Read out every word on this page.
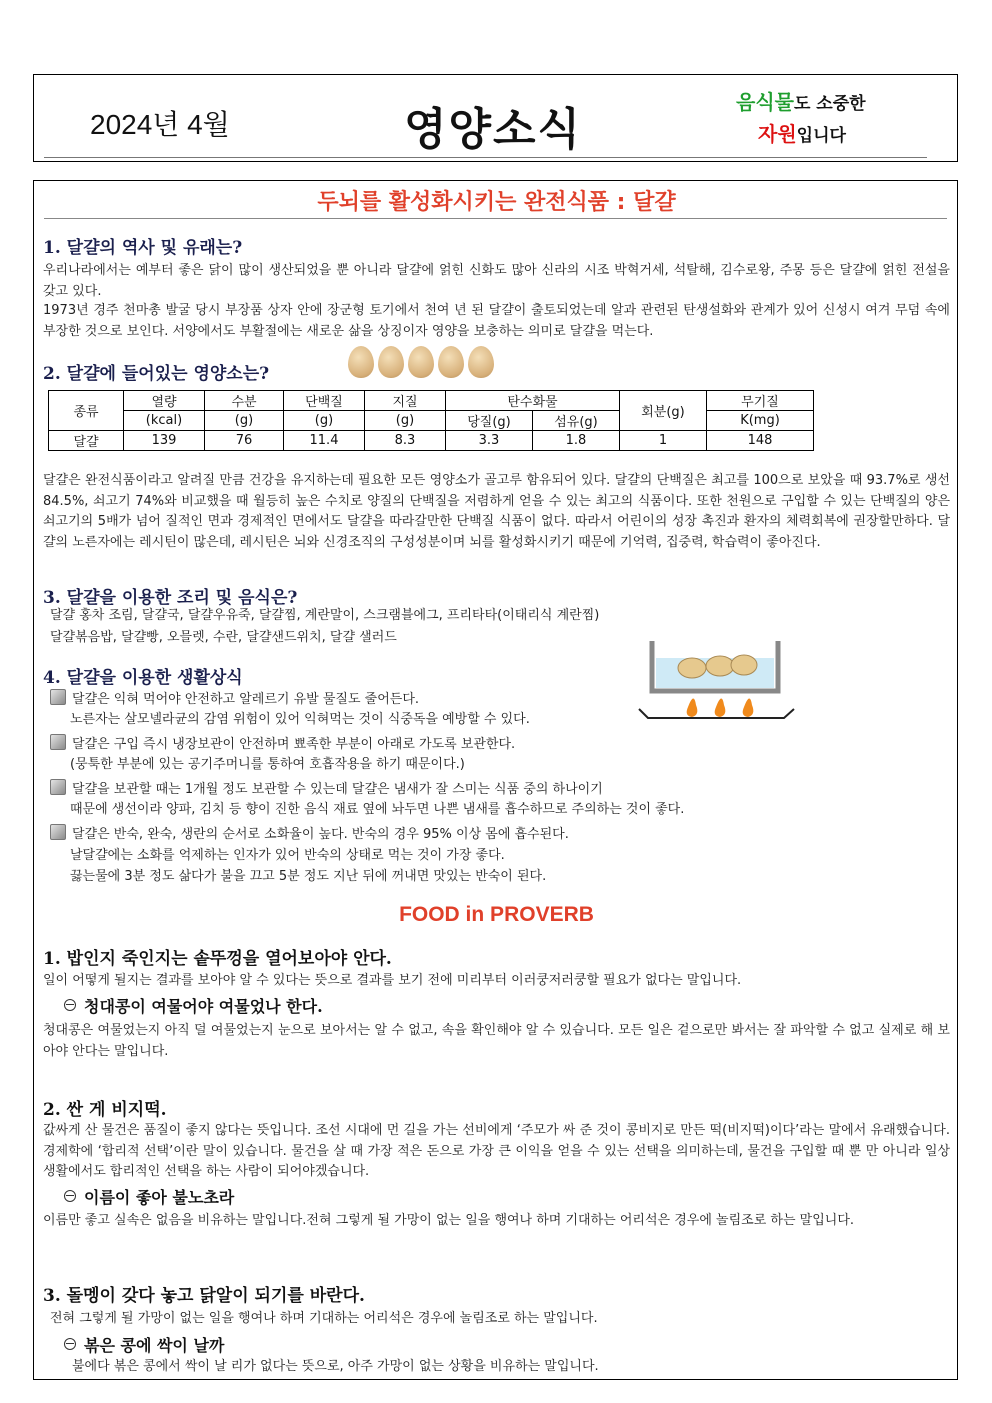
2024년 4월	영양소식
음식물도 소중한
자원입니다
두뇌를 활성화시키는 완전식품 : 달걀
1. 달걀의 역사 및 유래는?
우리나라에서는 예부터 좋은 닭이 많이 생산되었을 뿐 아니라 달걀에 얽힌 신화도 많아 신라의 시조 박혁거세, 석탈해, 김수로왕, 주몽 등은 달걀에 얽힌 전설을 갖고 있다.
1973년 경주 천마총 발굴 당시 부장품 상자 안에 장군형 토기에서 천여 년 된 달걀이 출토되었는데 알과 관련된 탄생설화와 관계가 있어 신성시 여겨 무덤 속에 부장한 것으로 보인다. 서양에서도 부활절에는 새로운 삶을 상징이자 영양을 보충하는 의미로 달걀을 먹는다.
2. 달걀에 들어있는 영양소는?
종류	열량	수분	단백질	지질	탄수화물		회분(g)	무기질
	(kcal)	(g)	(g)	(g)	당질(g)	섬유(g)		K(mg)
달걀	139	76	11.4	8.3	3.3	1.8	1	148
달걀은 완전식품이라고 알려질 만큼 건강을 유지하는데 필요한 모든 영양소가 골고루 함유되어 있다. 달걀의 단백질은 최고를 100으로 보았을 때 93.7%로 생선 84.5%, 쇠고기 74%와 비교했을 때 월등히 높은 수치로 양질의 단백질을 저렴하게 얻을 수 있는 최고의 식품이다. 또한 천원으로 구입할 수 있는 단백질의 양은 쇠고기의 5배가 넘어 질적인 면과 경제적인 면에서도 달걀을 따라갈만한 단백질 식품이 없다. 따라서 어린이의 성장 촉진과 환자의 체력회복에 권장할만하다. 달걀의 노른자에는 레시틴이 많은데, 레시틴은 뇌와 신경조직의 구성성분이며 뇌를 활성화시키기 때문에 기억력, 집중력, 학습력이 좋아진다.
3. 달걀을 이용한 조리 및 음식은?
달걀 홍차 조림, 달걀국, 달걀우유죽, 달걀찜, 계란말이, 스크램블에그, 프리타타(이태리식 계란찜)
달걀볶음밥, 달걀빵, 오믈렛, 수란, 달걀샌드위치, 달걀 샐러드
4. 달걀을 이용한 생활상식
달걀은 익혀 먹어야 안전하고 알레르기 유발 물질도 줄어든다.
노른자는 살모넬라균의 감염 위험이 있어 익혀먹는 것이 식중독을 예방할 수 있다.
달걀은 구입 즉시 냉장보관이 안전하며 뾰족한 부분이 아래로 가도록 보관한다.
(뭉툭한 부분에 있는 공기주머니를 통하여 호흡작용을 하기 때문이다.)
달걀을 보관할 때는 1개월 정도 보관할 수 있는데 달걀은 냄새가 잘 스미는 식품 중의 하나이기
때문에 생선이라 양파, 김치 등 향이 진한 음식 재료 옆에 놔두면 나쁜 냄새를 흡수하므로 주의하는 것이 좋다.
달걀은 반숙, 완숙, 생란의 순서로 소화율이 높다. 반숙의 경우 95% 이상 몸에 흡수된다.
날달걀에는 소화를 억제하는 인자가 있어 반숙의 상태로 먹는 것이 가장 좋다.
끓는물에 3분 정도 삶다가 불을 끄고 5분 정도 지난 뒤에 꺼내면 맛있는 반숙이 된다.
FOOD in PROVERB
1. 밥인지 죽인지는 솥뚜껑을 열어보아야 안다.
일이 어떻게 될지는 결과를 보아야 알 수 있다는 뜻으로 결과를 보기 전에 미리부터 이러쿵저러쿵할 필요가 없다는 말입니다.
청대콩이 여물어야 여물었나 한다.
청대콩은 여물었는지 아직 덜 여물었는지 눈으로 보아서는 알 수 없고, 속을 확인해야 알 수 있습니다. 모든 일은 겉으로만 봐서는 잘 파악할 수 없고 실제로 해 보아야 안다는 말입니다.
2. 싼 게 비지떡.
값싸게 산 물건은 품질이 좋지 않다는 뜻입니다. 조선 시대에 먼 길을 가는 선비에게 ‘주모가 싸 준 것이 콩비지로 만든 떡(비지떡)이다’라는 말에서 유래했습니다. 경제학에 ‘합리적 선택’이란 말이 있습니다. 물건을 살 때 가장 적은 돈으로 가장 큰 이익을 얻을 수 있는 선택을 의미하는데, 물건을 구입할 때 뿐 만 아니라 일상생활에서도 합리적인 선택을 하는 사람이 되어야겠습니다.
이름이 좋아 불노초라
이름만 좋고 실속은 없음을 비유하는 말입니다.전혀 그렇게 될 가망이 없는 일을 행여나 하며 기대하는 어리석은 경우에 놀림조로 하는 말입니다.
3. 돌멩이 갖다 놓고 닭알이 되기를 바란다.
전혀 그렇게 될 가망이 없는 일을 행여나 하며 기대하는 어리석은 경우에 놀림조로 하는 말입니다.
볶은 콩에 싹이 날까
불에다 볶은 콩에서 싹이 날 리가 없다는 뜻으로, 아주 가망이 없는 상황을 비유하는 말입니다.
